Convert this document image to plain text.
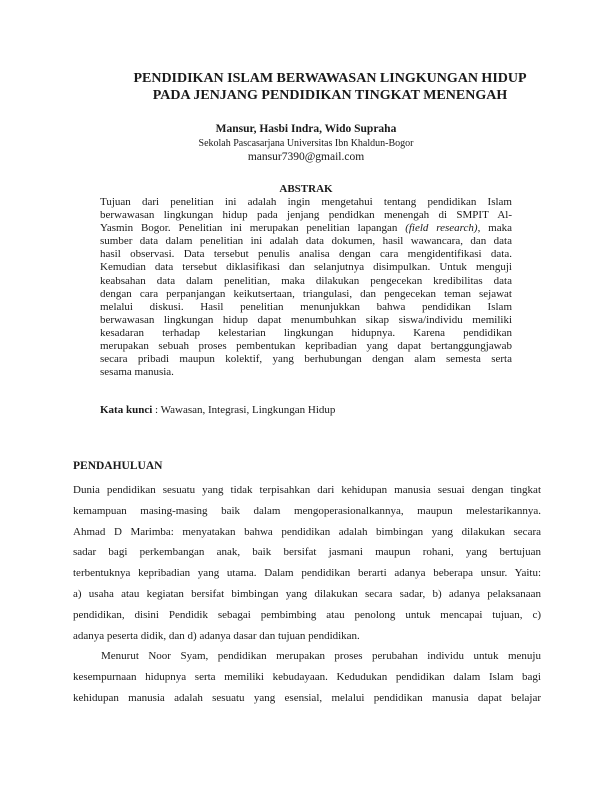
PENDIDIKAN ISLAM BERWAWASAN LINGKUNGAN HIDUP
PADA JENJANG PENDIDIKAN TINGKAT MENENGAH
Mansur, Hasbi Indra, Wido Supraha
Sekolah Pascasarjana Universitas Ibn Khaldun-Bogor
mansur7390@gmail.com
ABSTRAK
Tujuan dari penelitian ini adalah ingin mengetahui tentang pendidikan Islam
berwawasan lingkungan hidup pada jenjang pendidkan menengah di SMPIT Al-
Yasmin Bogor. Penelitian ini merupakan penelitian lapangan (field research), maka
sumber data dalam penelitian ini adalah data dokumen, hasil wawancara, dan data
hasil observasi. Data tersebut penulis analisa dengan cara mengidentifikasi data.
Kemudian data tersebut diklasifikasi dan selanjutnya disimpulkan. Untuk menguji
keabsahan data dalam penelitian, maka dilakukan pengecekan kredibilitas data
dengan cara perpanjangan keikutsertaan, triangulasi, dan pengecekan teman sejawat
melalui diskusi. Hasil penelitian menunjukkan bahwa pendidikan Islam
berwawasan lingkungan hidup dapat menumbuhkan sikap siswa/individu memiliki
kesadaran terhadap kelestarian lingkungan hidupnya. Karena pendidikan
merupakan sebuah proses pembentukan kepribadian yang dapat bertanggungjawab
secara pribadi maupun kolektif, yang berhubungan dengan alam semesta serta
sesama manusia.
Kata kunci : Wawasan, Integrasi, Lingkungan Hidup
PENDAHULUAN
Dunia pendidikan sesuatu yang tidak terpisahkan dari kehidupan manusia sesuai dengan tingkat
kemampuan masing-masing baik dalam mengoperasionalkannya, maupun melestarikannya.
Ahmad D Marimba: menyatakan bahwa pendidikan adalah bimbingan yang dilakukan secara
sadar bagi perkembangan anak, baik bersifat jasmani maupun rohani, yang bertujuan
terbentuknya kepribadian yang utama. Dalam pendidikan berarti adanya beberapa unsur. Yaitu:
a) usaha atau kegiatan bersifat bimbingan yang dilakukan secara sadar, b) adanya pelaksanaan
pendidikan, disini Pendidik sebagai pembimbing atau penolong untuk mencapai tujuan, c)
adanya peserta didik, dan d) adanya dasar dan tujuan pendidikan.
Menurut Noor Syam, pendidikan merupakan proses perubahan individu untuk menuju
kesempurnaan hidupnya serta memiliki kebudayaan. Kedudukan pendidikan dalam Islam bagi
kehidupan manusia adalah sesuatu yang esensial, melalui pendidikan manusia dapat belajar
